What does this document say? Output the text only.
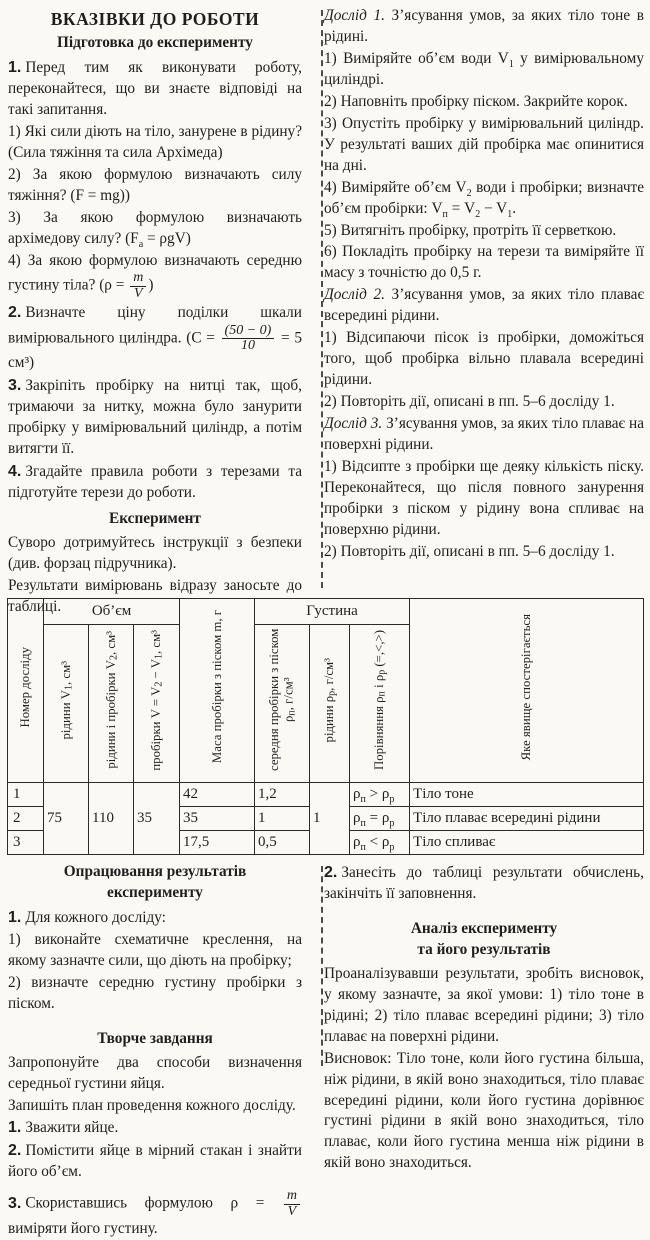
ВКАЗІВКИ ДО РОБОТИ
Підготовка до експерименту
1. Перед тим як виконувати роботу, переконайтеся, що ви знаєте відповіді на такі запитання.
1) Які сили діють на тіло, занурене в рідину? (Сила тяжіння та сила Архімеда)
2) За якою формулою визначають силу тяжіння? (F = mg))
3) За якою формулою визначають архімедову силу? $(F_а = \rho gV)$
4) За якою формулою визначають середню густину тіла? ($\rho = \frac{m}{V}$ )
2. Визначте ціну поділки шкали вимірювального циліндра. ($C = \frac{(50 - 0)}{10} = 5$ см³)
3. Закріпіть пробірку на нитці так, щоб, тримаючи за нитку, можна було занурити пробірку у вимірювальний циліндр, а потім витягти її.
4. Згадайте правила роботи з терезами та підготуйте терези до роботи.
Експеримент
Суворо дотримуйтесь інструкції з безпеки (див. форзац підручника).
Результати вимірювань відразу заносьте до таблиці.
Дослід 1. З’ясування умов, за яких тіло тоне в рідині.
1) Виміряйте об’єм води $V_1$ у вимірювальному циліндрі.
2) Наповніть пробірку піском. Закрийте корок.
3) Опустіть пробірку у вимірювальний циліндр. У результаті ваших дій пробірка має опинитися на дні.
4) Виміряйте об’єм $V_2$ води і пробірки; визначте об’єм пробірки: $V_п = V_2 - V_1$.
5) Витягніть пробірку, протріть її серветкою.
6) Покладіть пробірку на терези та виміряйте її масу з точністю до 0,5 г.
Дослід 2. З’ясування умов, за яких тіло плаває всередині рідини.
1) Відсипаючи пісок із пробірки, доможіться того, щоб пробірка вільно плавала всередині рідини.
2) Повторіть дії, описані в пп. 5–6 досліду 1.
Дослід 3. З’ясування умов, за яких тіло плаває на поверхні рідини.
1) Відсипте з пробірки ще деяку кількість піску. Переконайтеся, що після повного занурення пробірки з піском у рідину вона спливає на поверхню рідини.
2) Повторіть дії, описані в пп. 5–6 досліду 1.
Номер досліду	Об’єм			Маса пробірки з піском m, г	Густина			Яке явище спостерігається
	рідини $V_1$, см³	рідини і пробірки $V_2$, см³	пробірки $V = V_2 - V_1$, см³		середня пробірки з піском $\rho_п$, г/см³	рідини $\rho_р$, г/см³	Порівняння $\rho_п$ і $\rho_р$ (=,<,>)	
1	75	110	35	42	1,2	1	$\rho_п > \rho_р$	Тіло тоне
2				35	1		$\rho_п = \rho_р$	Тіло плаває всередині рідини
3				17,5	0,5		$\rho_п < \rho_р$	Тіло спливає
Опрацювання результатів
експерименту
1. Для кожного досліду:
1) виконайте схематичне креслення, на якому зазначте сили, що діють на пробірку;
2) визначте середню густину пробірки з піском.
Творче завдання
Запропонуйте два способи визначення середньої густини яйця.
Запишіть план проведення кожного досліду.
1. Зважити яйце.
2. Помістити яйце в мірний стакан і знайти його об’єм.
3. Скориставшись формулою $\rho = \frac{m}{V}$
виміряти його густину.
2. Занесіть до таблиці результати обчислень, закінчіть її заповнення.
Аналіз експерименту
та його результатів
Проаналізувавши результати, зробіть висновок, у якому зазначте, за якої умови: 1) тіло тоне в рідині; 2) тіло плаває всередині рідини; 3) тіло плаває на поверхні рідини.
Висновок: Тіло тоне, коли його густина більша, ніж рідини, в якій воно знаходиться, тіло плаває всередині рідини, коли його густина дорівнює густині рідини в якій воно знаходиться, тіло плаває, коли його густина менша ніж рідини в якій воно знаходиться.
